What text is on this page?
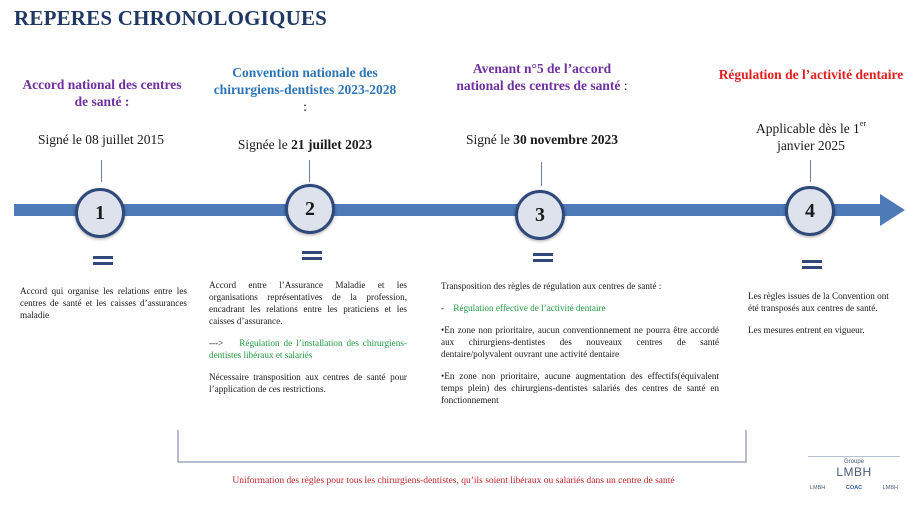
REPERES CHRONOLOGIQUES
Accord national des centres de santé :
Signé le 08 juillet 2015
1

Accord qui organise les relations entre les centres de santé et les caisses d’assurances maladie

Convention nationale des chirurgiens-dentistes 2023-2028 :
Signée le 21 juillet 2023
2

Accord entre l’Assurance Maladie et les organisations représentatives de la profession, encadrant les relations entre les praticiens et les caisses d’assurance.

---> Régulation de l’installation des chirurgiens-dentistes libéraux et salariés

Nécessaire transposition aux centres de santé pour l’application de ces restrictions.

Avenant n°5 de l’accord national des centres de santé :
Signé le 30 novembre 2023
3

Transposition des règles de régulation aux centres de santé :

- Régulation effective de l’activité dentaire

•En zone non prioritaire, aucun conventionnement ne pourra être accordé aux chirurgiens-dentistes des nouveaux centres de santé dentaire/polyvalent ouvrant une activité dentaire

•En zone non prioritaire, aucune augmentation des effectifs(équivalent temps plein) des chirurgiens-dentistes salariés des centres de santé en fonctionnement

Régulation de l’activité dentaire
Applicable dès le 1er
janvier 2025
4

Les règles issues de la Convention ont été transposés aux centres de santé.

Les mesures entrent en vigueur.

Uniformation des règles pour tous les chirurgiens-dentistes, qu’ils soient libéraux ou salariés dans un centre de santé
Groupe
LMBH
LMBH	COAC	LMBH
